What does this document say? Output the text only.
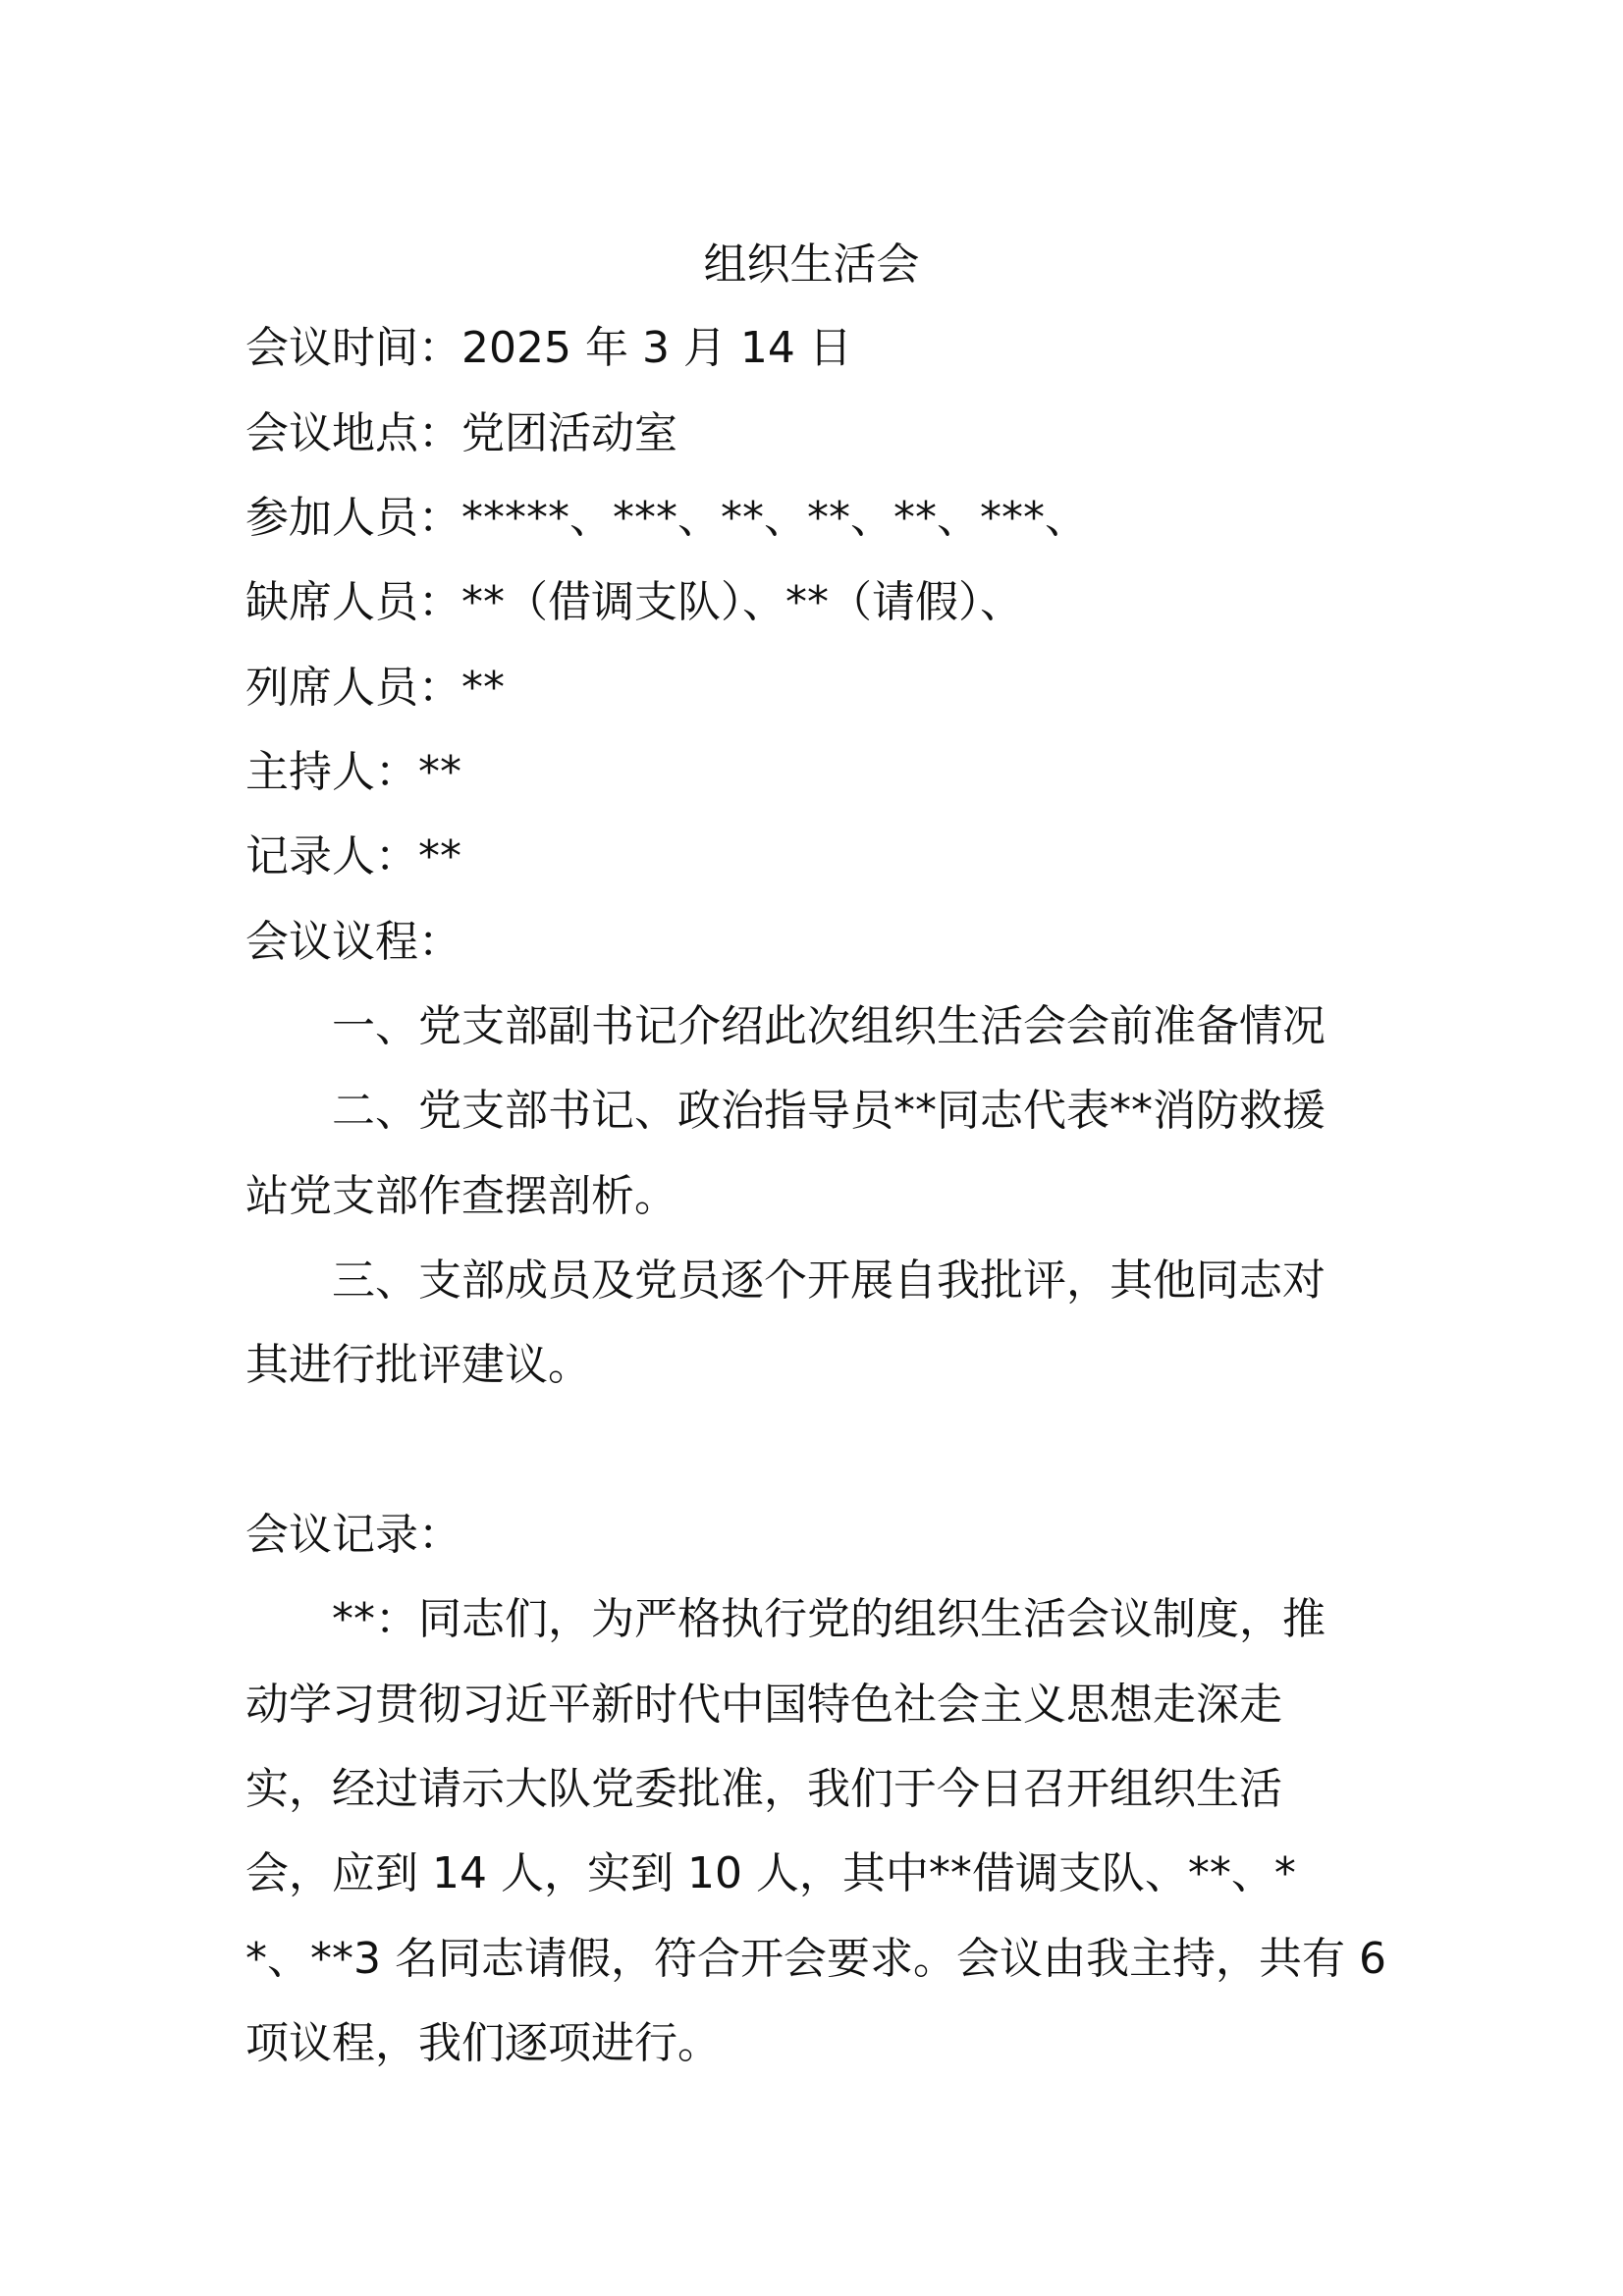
组织生活会
会议时间：2025 年 3 月 14 日
会议地点：党团活动室
参加人员：*****、***、**、**、**、***、
缺席人员：**（借调支队）、**（请假）、
列席人员：**
主持人：**
记录人：**
会议议程：
一、党支部副书记介绍此次组织生活会会前准备情况
二、党支部书记、政治指导员**同志代表**消防救援
站党支部作查摆剖析。
三、支部成员及党员逐个开展自我批评，其他同志对
其进行批评建议。
会议记录：
**：同志们，为严格执行党的组织生活会议制度，推
动学习贯彻习近平新时代中国特色社会主义思想走深走
实，经过请示大队党委批准，我们于今日召开组织生活
会，应到 14 人，实到 10 人，其中**借调支队、**、*
*、**3 名同志请假，符合开会要求。会议由我主持，共有 6
项议程，我们逐项进行。
